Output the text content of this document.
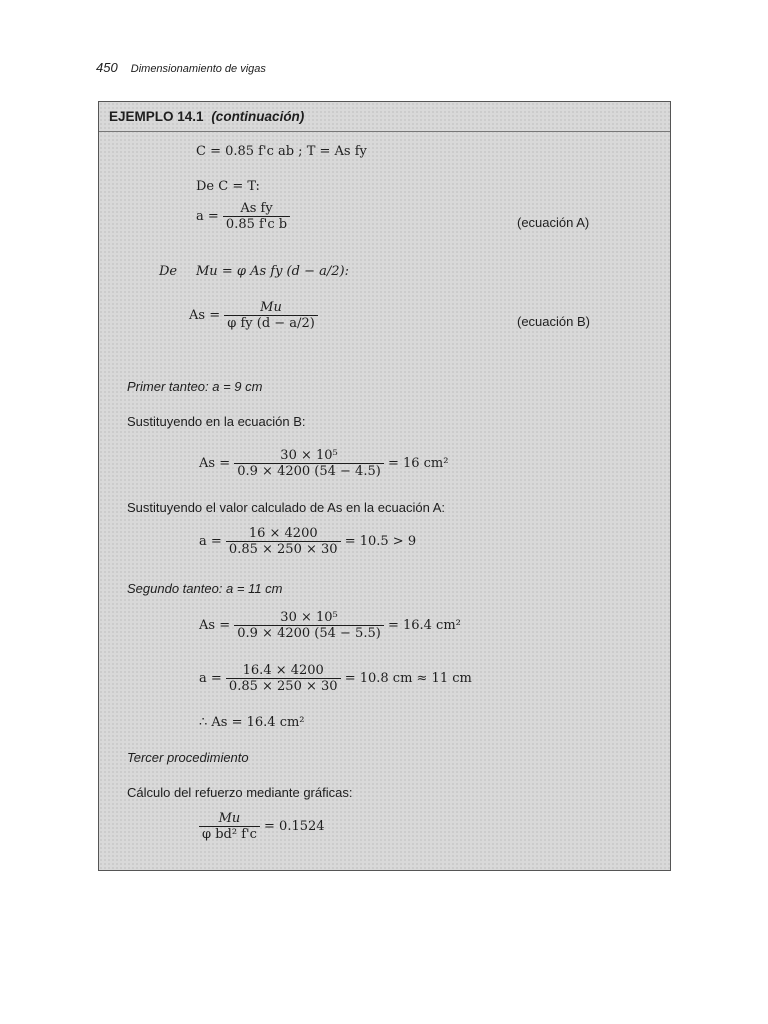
450 Dimensionamiento de vigas
EJEMPLO 14.1 (continuación)
C = 0.85 f'c ab ; T = As fy
De C = T:
$a = \frac{\text{As fy}}{\text{0.85 f'c b}}$	(ecuación A)
De Mu = φ As fy (d − a/2):
$As = \frac{Mu}{\text{φ fy (d − a/2)}}$	(ecuación B)
Primer tanteo: a = 9 cm
Sustituyendo en la ecuación B:
$As = \frac{\text{30 × 10⁵}}{0.9 \times 4200 (54 - 4.5)} = 16$ cm²
Sustituyendo el valor calculado de As en la ecuación A:
$a = \frac{16 \times 4200}{0.85 \times 250 \times 30} = 10.5 > 9$
Segundo tanteo: a = 11 cm
$As = \frac{\text{30 × 10⁵}}{0.9 \times 4200 (54 - 5.5)} = 16.4$ cm²
$a = \frac{16.4 \times 4200}{0.85 \times 250 \times 30} = 10.8$ cm ≈ 11 cm
∴ As = 16.4 cm²
Tercer procedimiento
Cálculo del refuerzo mediante gráficas:
$\frac{Mu}{\text{φ bd² f'c}} = 0.1524$
